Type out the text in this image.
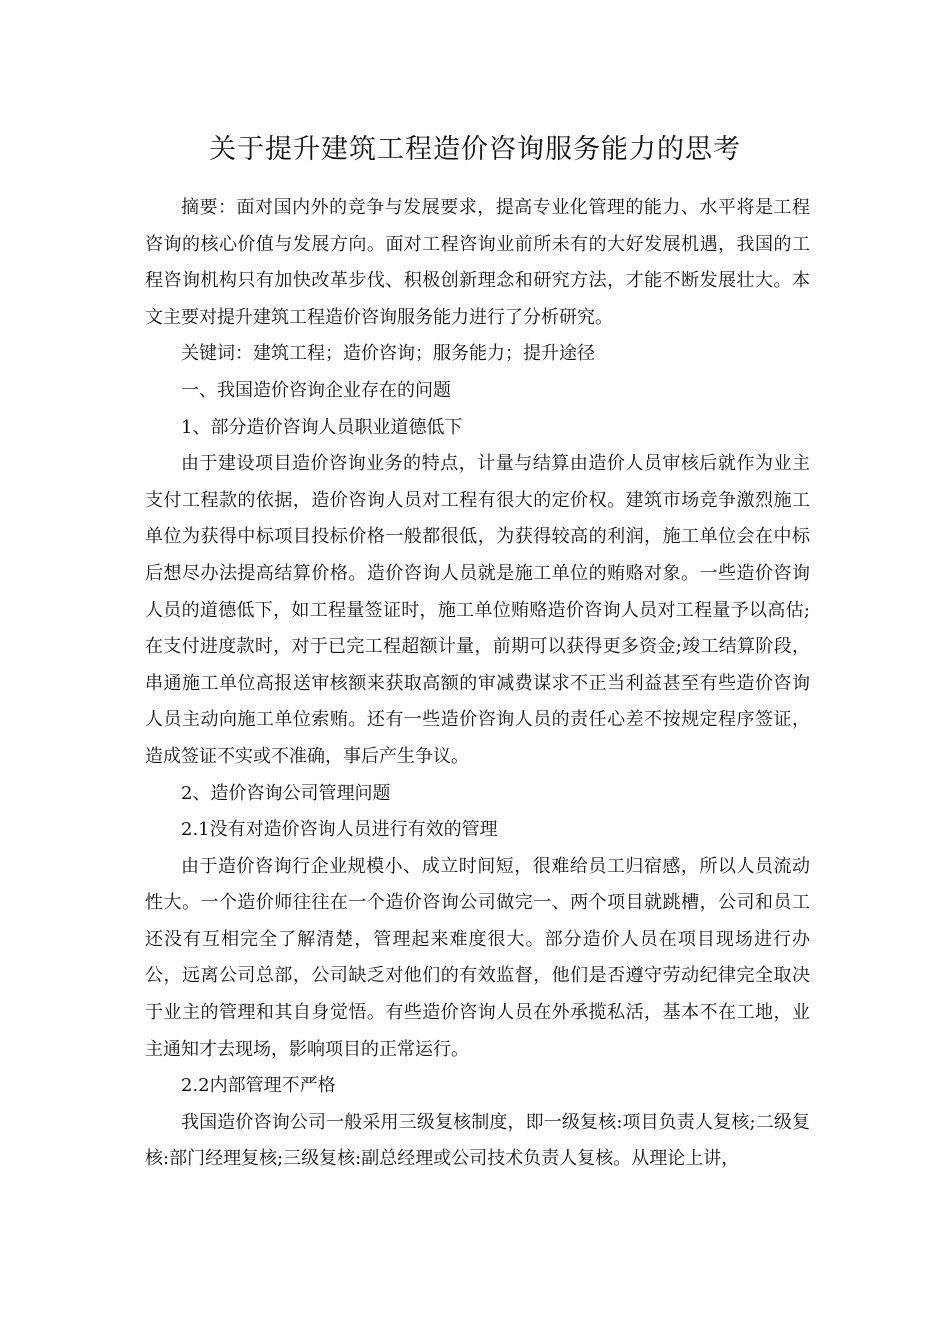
关于提升建筑工程造价咨询服务能力的思考

摘要：面对国内外的竞争与发展要求，提高专业化管理的能力、水平将是工程咨询的核心价值与发展方向。面对工程咨询业前所未有的大好发展机遇，我国的工程咨询机构只有加快改革步伐、积极创新理念和研究方法，才能不断发展壮大。本文主要对提升建筑工程造价咨询服务能力进行了分析研究。

关键词：建筑工程；造价咨询；服务能力；提升途径

一、我国造价咨询企业存在的问题

1、部分造价咨询人员职业道德低下

由于建设项目造价咨询业务的特点，计量与结算由造价人员审核后就作为业主支付工程款的依据，造价咨询人员对工程有很大的定价权。建筑市场竞争激烈施工单位为获得中标项目投标价格一般都很低，为获得较高的利润，施工单位会在中标后想尽办法提高结算价格。造价咨询人员就是施工单位的贿赂对象。一些造价咨询人员的道德低下，如工程量签证时，施工单位贿赂造价咨询人员对工程量予以高估;在支付进度款时，对于已完工程超额计量，前期可以获得更多资金;竣工结算阶段，串通施工单位高报送审核额来获取高额的审减费谋求不正当利益甚至有些造价咨询人员主动向施工单位索贿。还有一些造价咨询人员的责任心差不按规定程序签证，造成签证不实或不准确，事后产生争议。

2、造价咨询公司管理问题

2.1没有对造价咨询人员进行有效的管理

由于造价咨询行企业规模小、成立时间短，很难给员工归宿感，所以人员流动性大。一个造价师往往在一个造价咨询公司做完一、两个项目就跳槽，公司和员工还没有互相完全了解清楚，管理起来难度很大。部分造价人员在项目现场进行办公，远离公司总部，公司缺乏对他们的有效监督，他们是否遵守劳动纪律完全取决于业主的管理和其自身觉悟。有些造价咨询人员在外承揽私活，基本不在工地，业主通知才去现场，影响项目的正常运行。

2.2内部管理不严格

我国造价咨询公司一般采用三级复核制度，即一级复核:项目负责人复核;二级复核:部门经理复核;三级复核:副总经理或公司技术负责人复核。从理论上讲，
